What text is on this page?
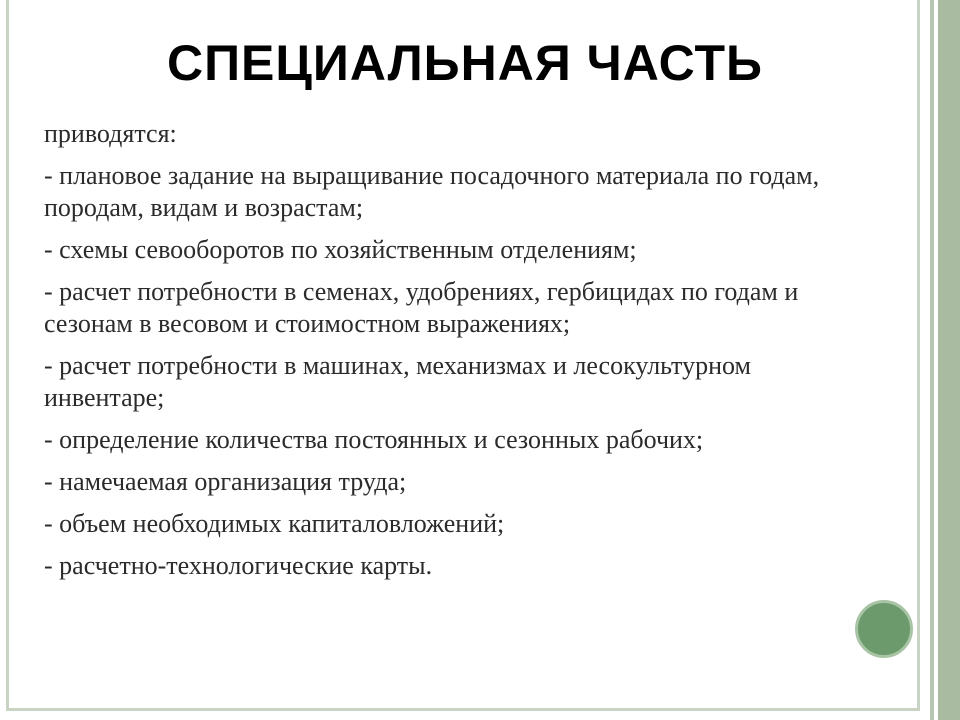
СПЕЦИАЛЬНАЯ ЧАСТЬ

приводятся:

- плановое задание на выращивание посадочного материала по годам, породам, видам и возрастам;

- схемы севооборотов по хозяйственным отделениям;

- расчет потребности в семенах, удобрениях, гербицидах по годам и сезонам в весовом и стоимостном выражениях;

- расчет потребности в машинах, механизмах и лесокультурном инвентаре;

- определение количества постоянных и сезонных рабочих;

- намечаемая организация труда;

- объем необходимых капиталовложений;

- расчетно-технологические карты.
